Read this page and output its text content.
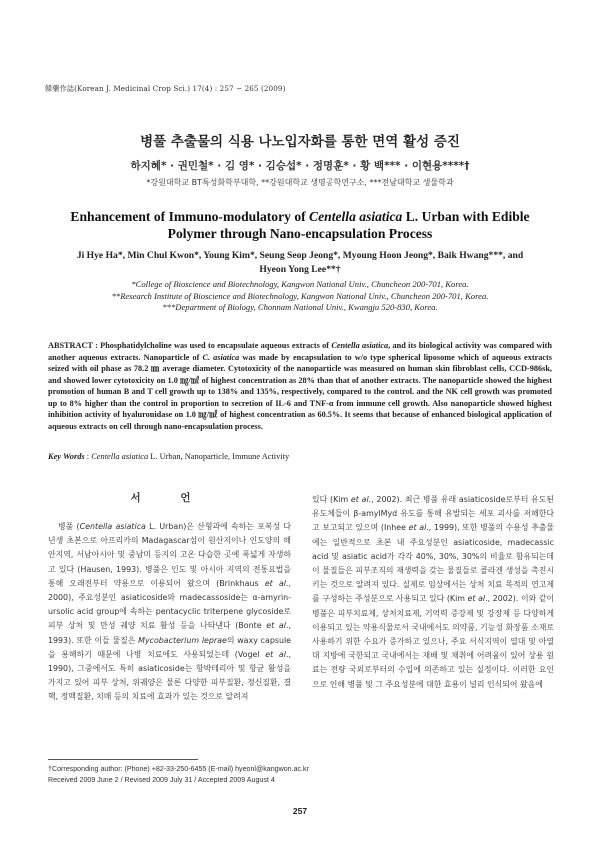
韓藥作誌(Korean J. Medicinal Crop Sci.) 17(4) : 257 − 265 (2009)
병풀 추출물의 식용 나노입자화를 통한 면역 활성 증진
하지혜* · 권민철* · 김 영* · 김승섭* · 정명훈* · 황 백*** · 이현용****†
*강원대학교 BT특성화학부대학, **강원대학교 생명공학연구소, ***전남대학교 생물학과
Enhancement of Immuno-modulatory of Centella asiatica L. Urban with Edible Polymer through Nano-encapsulation Process
Ji Hye Ha*, Min Chul Kwon*, Young Kim*, Seung Seop Jeong*, Myoung Hoon Jeong*, Baik Hwang***, and Hyeon Yong Lee**†
*College of Bioscience and Biotechnology, Kangwon National Univ., Chuncheon 200-701, Korea.
**Research Institute of Bioscience and Biotechnology, Kangwon National Univ., Chuncheon 200-701, Korea.
***Department of Biology, Chonnam National Univ., Kwangju 520-830, Korea.
ABSTRACT : Phosphatidylcholine was used to encapsulate aqueous extracts of Centella asiatica, and its biological activity was compared with another aqueous extracts. Nanoparticle of C. asiatica was made by encapsulation to w/o type spherical liposome which of aqueous extracts seized with oil phase as 78.2 ㎚ average diameter. Cytotoxicity of the nanoparticle was measured on human skin fibroblast cells, CCD-986sk, and showed lower cytotoxicity on 1.0 ㎎/㎖ of highest concentration as 28% than that of another extracts. The nanoparticle showed the highest promotion of human B and T cell growth up to 138% and 135%, respectively, compared to the control. and the NK cell growth was promoted up to 8% higher than the control in proportion to secretion of IL-6 and TNF-α from immune cell growth. Also nanoparticle showed highest inhibition activity of hyaluronidase on 1.0 ㎎/㎖ of highest concentration as 60.5%. It seems that because of enhanced biological application of aqueous extracts on cell through nano-encapsulation process.
Key Words : Centella asiatica L. Urban, Nanoparticle, Immune Activity
서 언
병풀 (Centella asiatica L. Urban)은 산형과에 속하는 포복성 다년생 초본으로 아프리카의 Madagascar섬이 원산지이나 인도양의 해안지역, 서남아시아 및 중남미 등지의 고온 다습한 곳에 폭넓게 자생하고 있다 (Hausen, 1993). 병풀은 인도 및 아시아 지역의 전통요법을 통해 오래전부터 약용으로 이용되어 왔으며 (Brinkhaus et al., 2000), 주요성분인 asiaticoside와 madecassoside는 α-amyrin-ursolic acid group에 속하는 pentacyclic triterpene glycoside로 피부 상처 및 만성 궤양 치료 활성 등을 나타낸다 (Bonte et al., 1993). 또한 이들 물질은 Mycobacterium leprae의 waxy capsule을 용해하기 때문에 나병 치료에도 사용되었는데 (Vogel et al., 1990), 그중에서도 특히 asiaticoside는 항박테리아 및 항균 활성을 가지고 있어 피부 상처, 위궤양은 물론 다양한 피부질환, 정신질환, 결핵, 정맥질환, 치매 등의 치료에 효과가 있는 것으로 알려져
있다 (Kim et al., 2002). 최근 병풀 유래 asiaticoside로부터 유도된 유도체들이 β-amylMyd 유도를 통해 유발되는 세포 괴사를 저해한다고 보고되고 있으며 (Inhee et al., 1999), 또한 병풀의 수용성 추출물에는 일반적으로 초본 내 주요성분인 asiaticoside, madecassic acid 및 asiatic acid가 각각 40%, 30%, 30%의 비율로 함유되는데 이 물질들은 피부조직의 재생력을 갖는 물질들로 콜라겐 생성을 촉진시키는 것으로 알려져 있다. 실제로 임상에서는 상처 치료 목적의 연고제를 구성하는 주성분으로 사용되고 있다 (Kim et al., 2002). 이와 같이 병풀은 피부치료제, 상처치료제, 기억력 증강제 및 강장제 등 다양하게 이용되고 있는 약용식물로서 국내에서도 의약품, 기능성 화장품 소재로 사용하기 위한 수요가 증가하고 있으나, 주요 서식지역이 열대 및 아열대 지방에 국한되고 국내에서는 재배 및 채취에 어려움이 있어 상용 원료는 전량 국외로부터의 수입에 의존하고 있는 실정이다. 이러한 요인으로 인해 병풀 및 그 주요성분에 대한 효용이 널리 인식되어 왔음에
†Corresponding author: (Phone) +82-33-250-6455 (E-mail) hyeonl@kangwon.ac.kr
Received 2009 June 2 / Revised 2009 July 31 / Accepted 2009 August 4
257
